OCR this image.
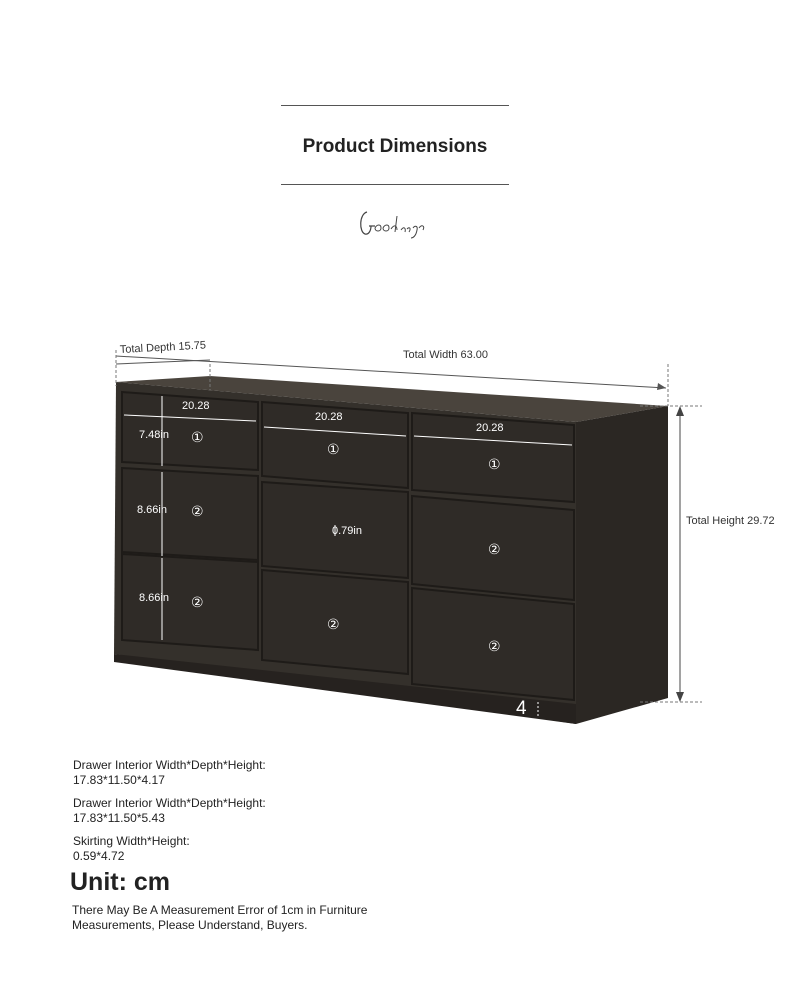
Product Dimensions
Total Depth 15.75	Total Width 63.00
Total Height 29.72
20.28
20.28
20.28
7.48in
8.66in
8.66in
0.79in
4
①
①
①
②
②
②
②
②
Drawer Interior Width*Depth*Height:
17.83*11.50*4.17
Drawer Interior Width*Depth*Height:
17.83*11.50*5.43
Skirting Width*Height:
0.59*4.72
Unit: cm
There May Be A Measurement Error of 1cm in Furniture Measurements, Please Understand, Buyers.
